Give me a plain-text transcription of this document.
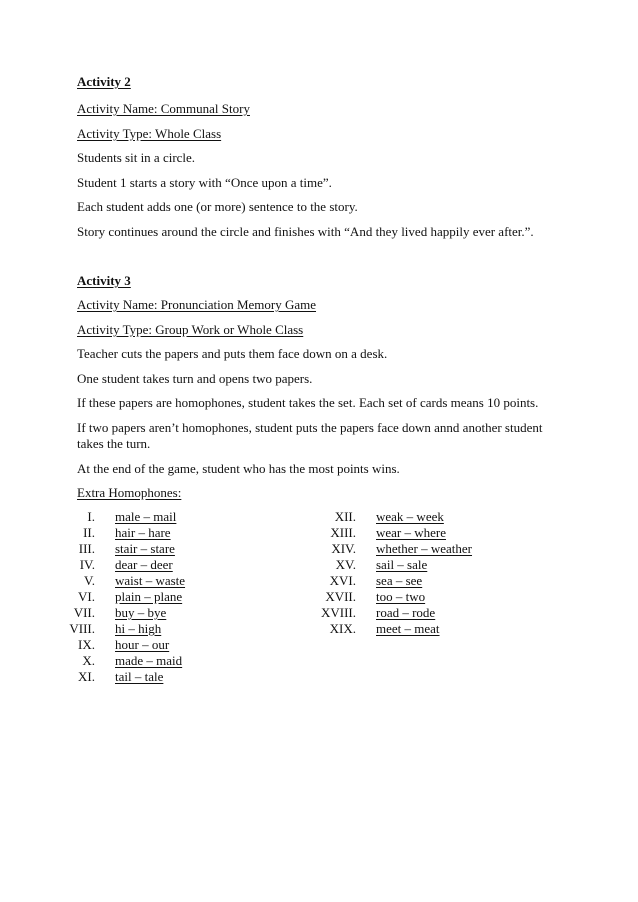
Activity 2
Activity Name: Communal Story
Activity Type: Whole Class
Students sit in a circle.
Student 1 starts a story with “Once upon a time”.
Each student adds one (or more) sentence to the story.
Story continues around the circle and finishes with “And they lived happily ever after.”.
Activity 3
Activity Name: Pronunciation Memory Game
Activity Type: Group Work or Whole Class
Teacher cuts the papers and puts them face down on a desk.
One student takes turn and opens two papers.
If these papers are homophones, student takes the set. Each set of cards means 10 points.
If two papers aren’t homophones, student puts the papers face down annd another student
takes the turn.
At the end of the game, student who has the most points wins.
Extra Homophones:
I. male – mail
II. hair – hare
III. stair – stare
IV. dear – deer
V. waist – waste
VI. plain – plane
VII. buy – bye
VIII. hi – high
IX. hour – our
X. made – maid
XI. tail – tale
XII. weak – week
XIII. wear – where
XIV. whether – weather
XV. sail – sale
XVI. sea – see
XVII. too – two
XVIII. road – rode
XIX. meet – meat
